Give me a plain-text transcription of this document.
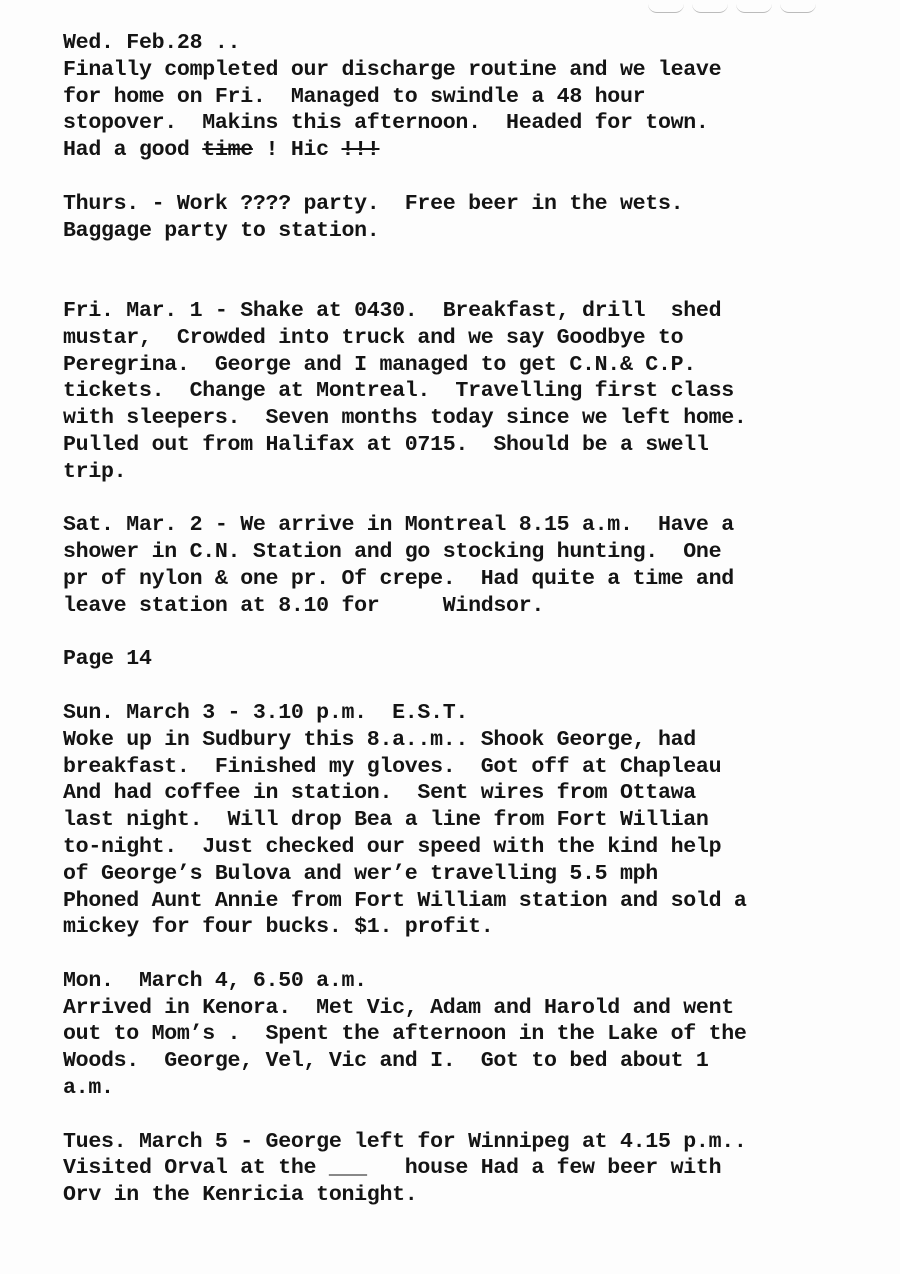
Wed. Feb.28 ..
Finally completed our discharge routine and we leave
for home on Fri.  Managed to swindle a 48 hour
stopover.  Makins this afternoon.  Headed for town.
Had a good time ! Hic !!!
Thurs. - Work ???? party.  Free beer in the wets.
Baggage party to station.
Fri. Mar. 1 - Shake at 0430.  Breakfast, drill  shed
mustar,  Crowded into truck and we say Goodbye to
Peregrina.  George and I managed to get C.N.& C.P.
tickets.  Change at Montreal.  Travelling first class
with sleepers.  Seven months today since we left home.
Pulled out from Halifax at 0715.  Should be a swell
trip.
Sat. Mar. 2 - We arrive in Montreal 8.15 a.m.  Have a
shower in C.N. Station and go stocking hunting.  One
pr of nylon & one pr. Of crepe.  Had quite a time and
leave station at 8.10 for     Windsor.
Page 14
Sun. March 3 - 3.10 p.m.  E.S.T.
Woke up in Sudbury this 8.a..m.. Shook George, had
breakfast.  Finished my gloves.  Got off at Chapleau
And had coffee in station.  Sent wires from Ottawa
last night.  Will drop Bea a line from Fort Willian
to-night.  Just checked our speed with the kind help
of George’s Bulova and wer’e travelling 5.5 mph
Phoned Aunt Annie from Fort William station and sold a
mickey for four bucks. $1. profit.
Mon.  March 4, 6.50 a.m.
Arrived in Kenora.  Met Vic, Adam and Harold and went
out to Mom’s .  Spent the afternoon in the Lake of the
Woods.  George, Vel, Vic and I.  Got to bed about 1
a.m.
Tues. March 5 - George left for Winnipeg at 4.15 p.m..
Visited Orval at the ___   house Had a few beer with
Orv in the Kenricia tonight.
